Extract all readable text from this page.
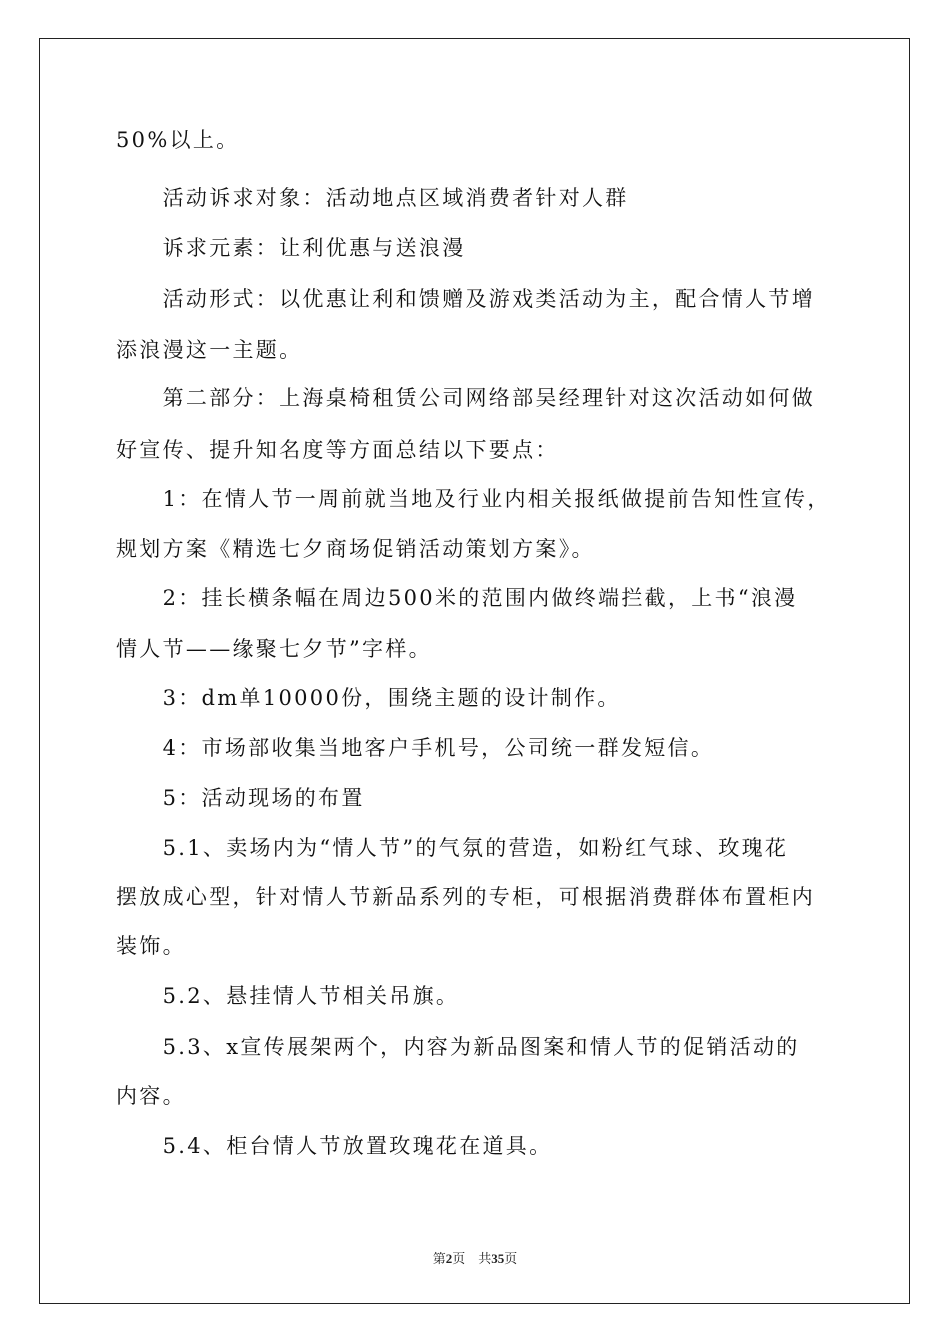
50%以上。
　　活动诉求对象：活动地点区域消费者针对人群
　　诉求元素：让利优惠与送浪漫
　　活动形式：以优惠让利和馈赠及游戏类活动为主，配合情人节增
添浪漫这一主题。
　　第二部分：上海桌椅租赁公司网络部吴经理针对这次活动如何做
好宣传、提升知名度等方面总结以下要点：
　　1：在情人节一周前就当地及行业内相关报纸做提前告知性宣传，
规划方案《精选七夕商场促销活动策划方案》。
　　2：挂长横条幅在周边500米的范围内做终端拦截，上书“浪漫
情人节——缘聚七夕节”字样。
　　3：dm单10000份，围绕主题的设计制作。
　　4：市场部收集当地客户手机号，公司统一群发短信。
　　5：活动现场的布置
　　5.1、卖场内为“情人节”的气氛的营造，如粉红气球、玫瑰花
摆放成心型，针对情人节新品系列的专柜，可根据消费群体布置柜内
装饰。
　　5.2、悬挂情人节相关吊旗。
　　5.3、x宣传展架两个，内容为新品图案和情人节的促销活动的
内容。
　　5.4、柜台情人节放置玫瑰花在道具。
第2页　共35页
